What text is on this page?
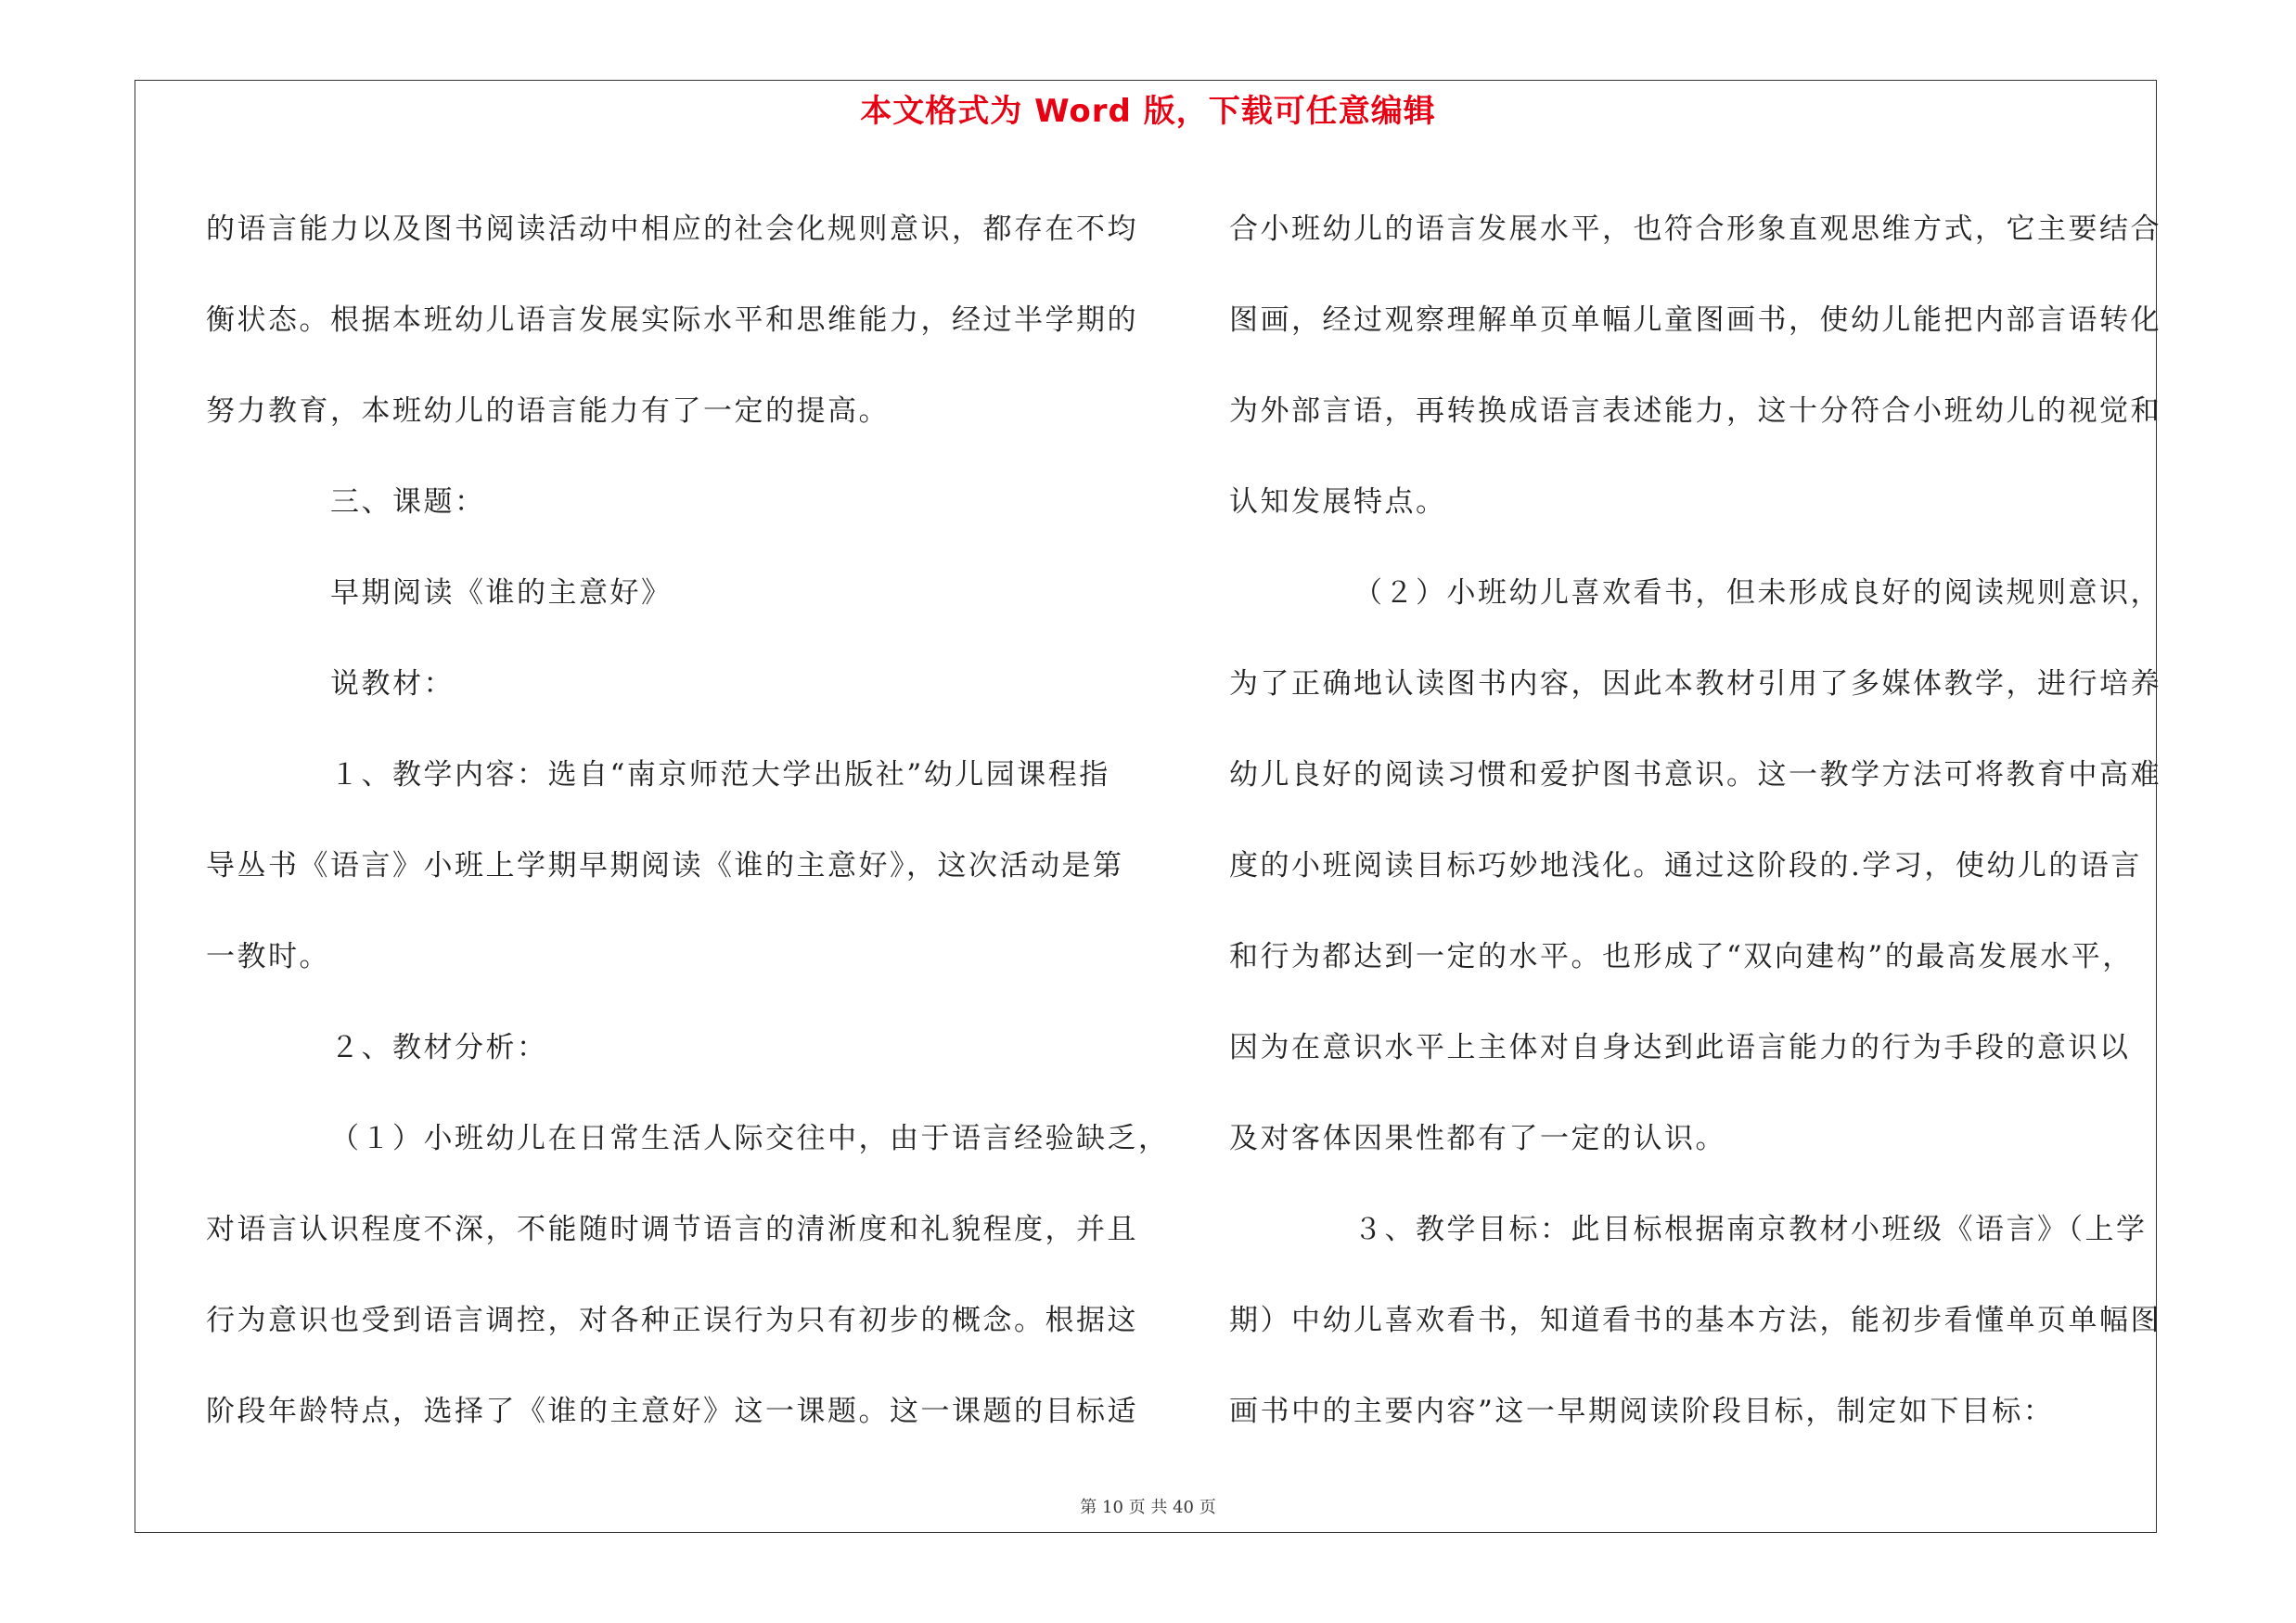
本文格式为 Word 版，下载可任意编辑
的语言能力以及图书阅读活动中相应的社会化规则意识，都存在不均
衡状态。根据本班幼儿语言发展实际水平和思维能力，经过半学期的
努力教育，本班幼儿的语言能力有了一定的提高。
三、课题：
早期阅读《谁的主意好》
说教材：
１、教学内容：选自“南京师范大学出版社”幼儿园课程指
导丛书《语言》小班上学期早期阅读《谁的主意好》，这次活动是第
一教时。
２、教材分析：
（１）小班幼儿在日常生活人际交往中，由于语言经验缺乏，
对语言认识程度不深，不能随时调节语言的清淅度和礼貌程度，并且
行为意识也受到语言调控，对各种正误行为只有初步的概念。根据这
阶段年龄特点，选择了《谁的主意好》这一课题。这一课题的目标适
合小班幼儿的语言发展水平，也符合形象直观思维方式，它主要结合
图画，经过观察理解单页单幅儿童图画书，使幼儿能把内部言语转化
为外部言语，再转换成语言表述能力，这十分符合小班幼儿的视觉和
认知发展特点。
（２）小班幼儿喜欢看书，但未形成良好的阅读规则意识，
为了正确地认读图书内容，因此本教材引用了多媒体教学，进行培养
幼儿良好的阅读习惯和爱护图书意识。这一教学方法可将教育中高难
度的小班阅读目标巧妙地浅化。通过这阶段的.学习，使幼儿的语言
和行为都达到一定的水平。也形成了“双向建构”的最高发展水平，
因为在意识水平上主体对自身达到此语言能力的行为手段的意识以
及对客体因果性都有了一定的认识。
３、教学目标：此目标根据南京教材小班级《语言》（上学
期）中幼儿喜欢看书，知道看书的基本方法，能初步看懂单页单幅图
画书中的主要内容”这一早期阅读阶段目标，制定如下目标：
第 10 页 共 40 页
